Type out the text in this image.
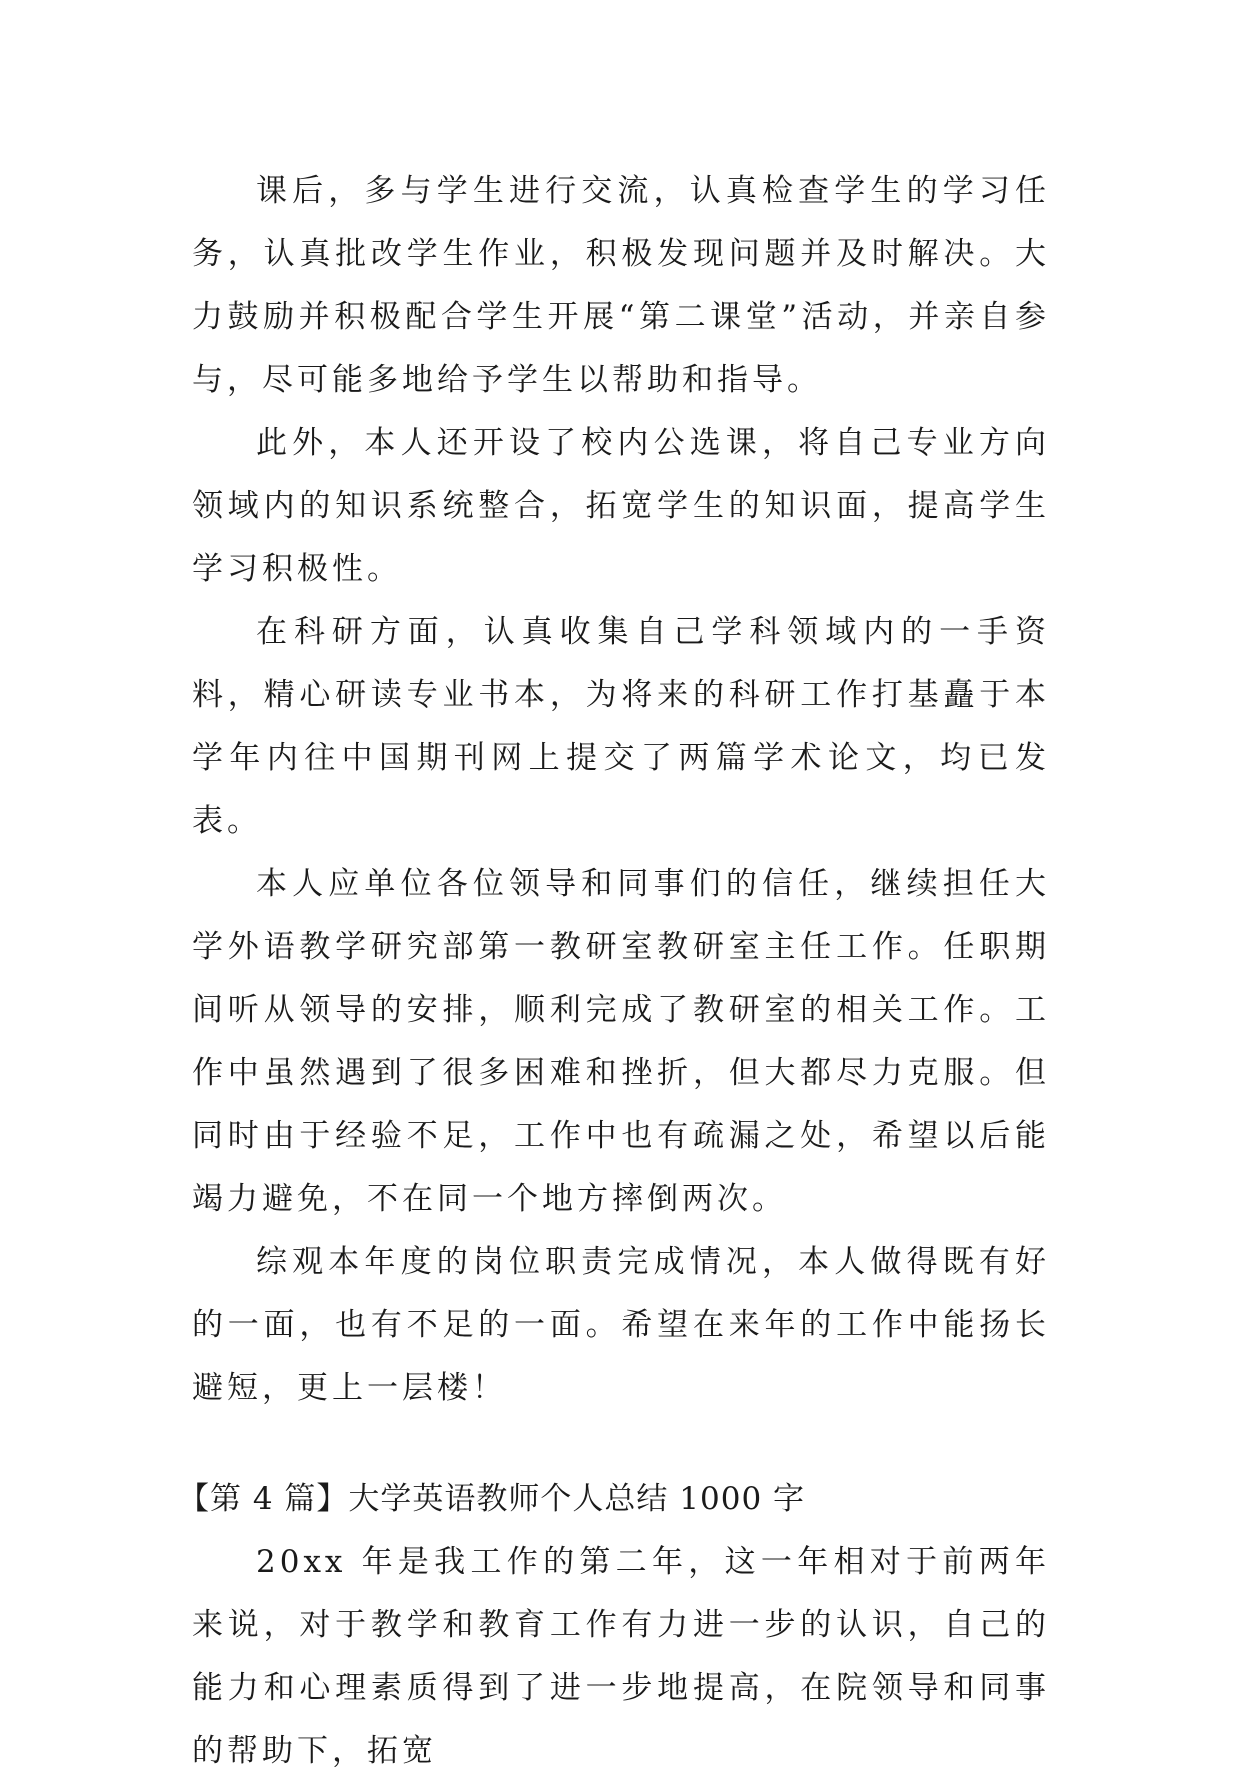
课后，多与学生进行交流，认真检查学生的学习任务，认真批改学生作业，积极发现问题并及时解决。大力鼓励并积极配合学生开展“第二课堂”活动，并亲自参与，尽可能多地给予学生以帮助和指导。

此外，本人还开设了校内公选课，将自己专业方向领域内的知识系统整合，拓宽学生的知识面，提高学生学习积极性。

在科研方面，认真收集自己学科领域内的一手资料，精心研读专业书本，为将来的科研工作打基矗于本学年内往中国期刊网上提交了两篇学术论文，均已发表。

本人应单位各位领导和同事们的信任，继续担任大学外语教学研究部第一教研室教研室主任工作。任职期间听从领导的安排，顺利完成了教研室的相关工作。工作中虽然遇到了很多困难和挫折，但大都尽力克服。但同时由于经验不足，工作中也有疏漏之处，希望以后能竭力避免，不在同一个地方摔倒两次。

综观本年度的岗位职责完成情况，本人做得既有好的一面，也有不足的一面。希望在来年的工作中能扬长避短，更上一层楼！

【第 4 篇】大学英语教师个人总结 1000 字

20xx 年是我工作的第二年，这一年相对于前两年来说，对于教学和教育工作有力进一步的认识，自己的能力和心理素质得到了进一步地提高，在院领导和同事的帮助下，拓宽
